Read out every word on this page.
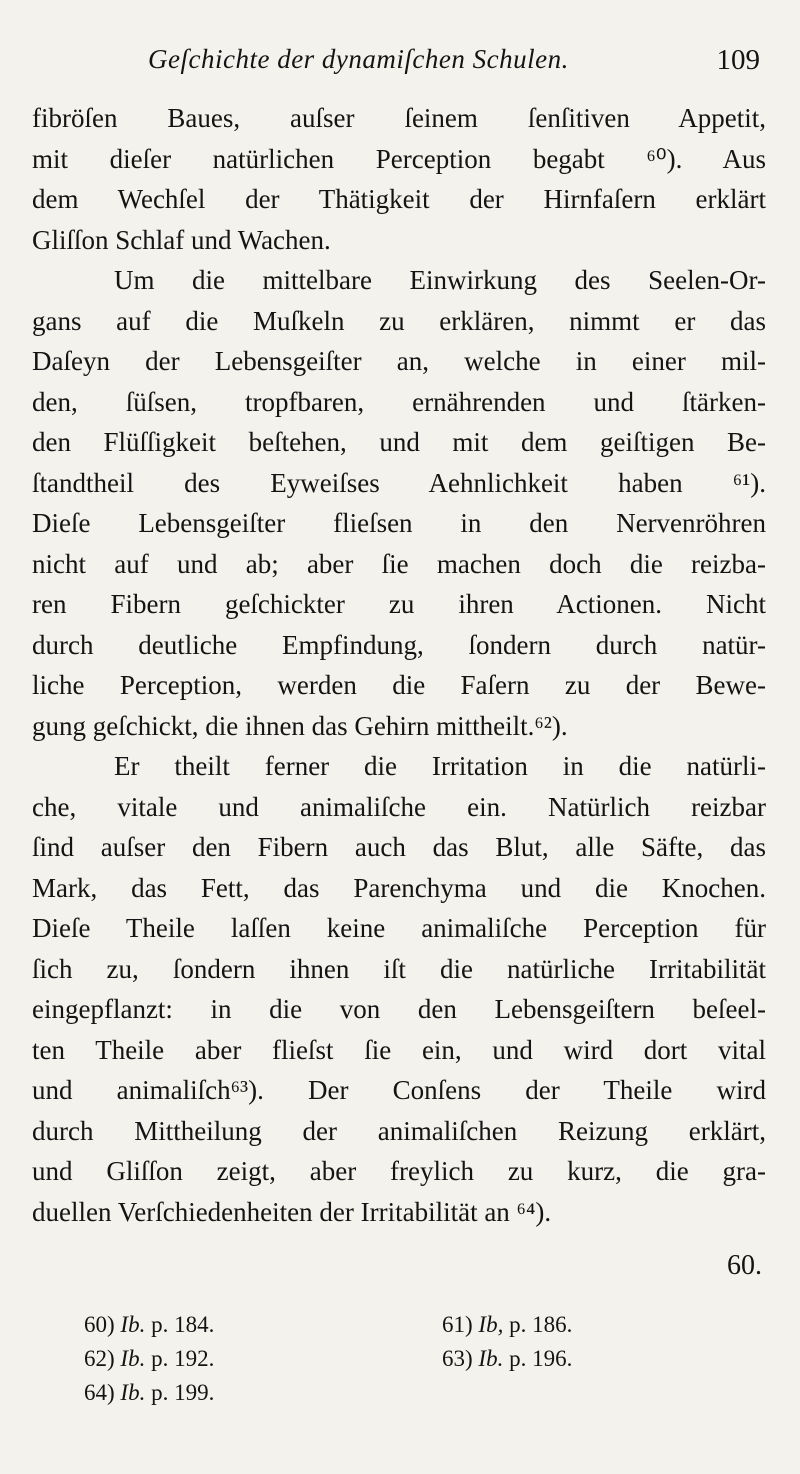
Geſchichte der dynamiſchen Schulen.	109
fibröſen Baues, auſser ſeinem ſenſitiven Appetit,
mit dieſer natürlichen Perception begabt ⁶⁰). Aus
dem Wechſel der Thätigkeit der Hirnfaſern erklärt
Gliſſon Schlaf und Wachen.
Um die mittelbare Einwirkung des Seelen-Or-
gans auf die Muſkeln zu erklären, nimmt er das
Daſeyn der Lebensgeiſter an, welche in einer mil-
den, ſüſsen, tropfbaren, ernährenden und ſtärken-
den Flüſſigkeit beſtehen, und mit dem geiſtigen Be-
ſtandtheil des Eyweiſses Aehnlichkeit haben ⁶¹).
Dieſe Lebensgeiſter flieſsen in den Nervenröhren
nicht auf und ab; aber ſie machen doch die reizba-
ren Fibern geſchickter zu ihren Actionen. Nicht
durch deutliche Empfindung, ſondern durch natür-
liche Perception, werden die Faſern zu der Bewe-
gung geſchickt, die ihnen das Gehirn mittheilt.⁶²).
Er theilt ferner die Irritation in die natürli-
che, vitale und animaliſche ein. Natürlich reizbar
ſind auſser den Fibern auch das Blut, alle Säfte, das
Mark, das Fett, das Parenchyma und die Knochen.
Dieſe Theile laſſen keine animaliſche Perception für
ſich zu, ſondern ihnen iſt die natürliche Irritabilität
eingepflanzt: in die von den Lebensgeiſtern beſeel-
ten Theile aber flieſst ſie ein, und wird dort vital
und animaliſch⁶³). Der Conſens der Theile wird
durch Mittheilung der animaliſchen Reizung erklärt,
und Gliſſon zeigt, aber freylich zu kurz, die gra-
duellen Verſchiedenheiten der Irritabilität an ⁶⁴).
60.
60) Ib. p. 184.	61) Ib, p. 186.
62) Ib. p. 192.	63) Ib. p. 196.
64) Ib. p. 199.
